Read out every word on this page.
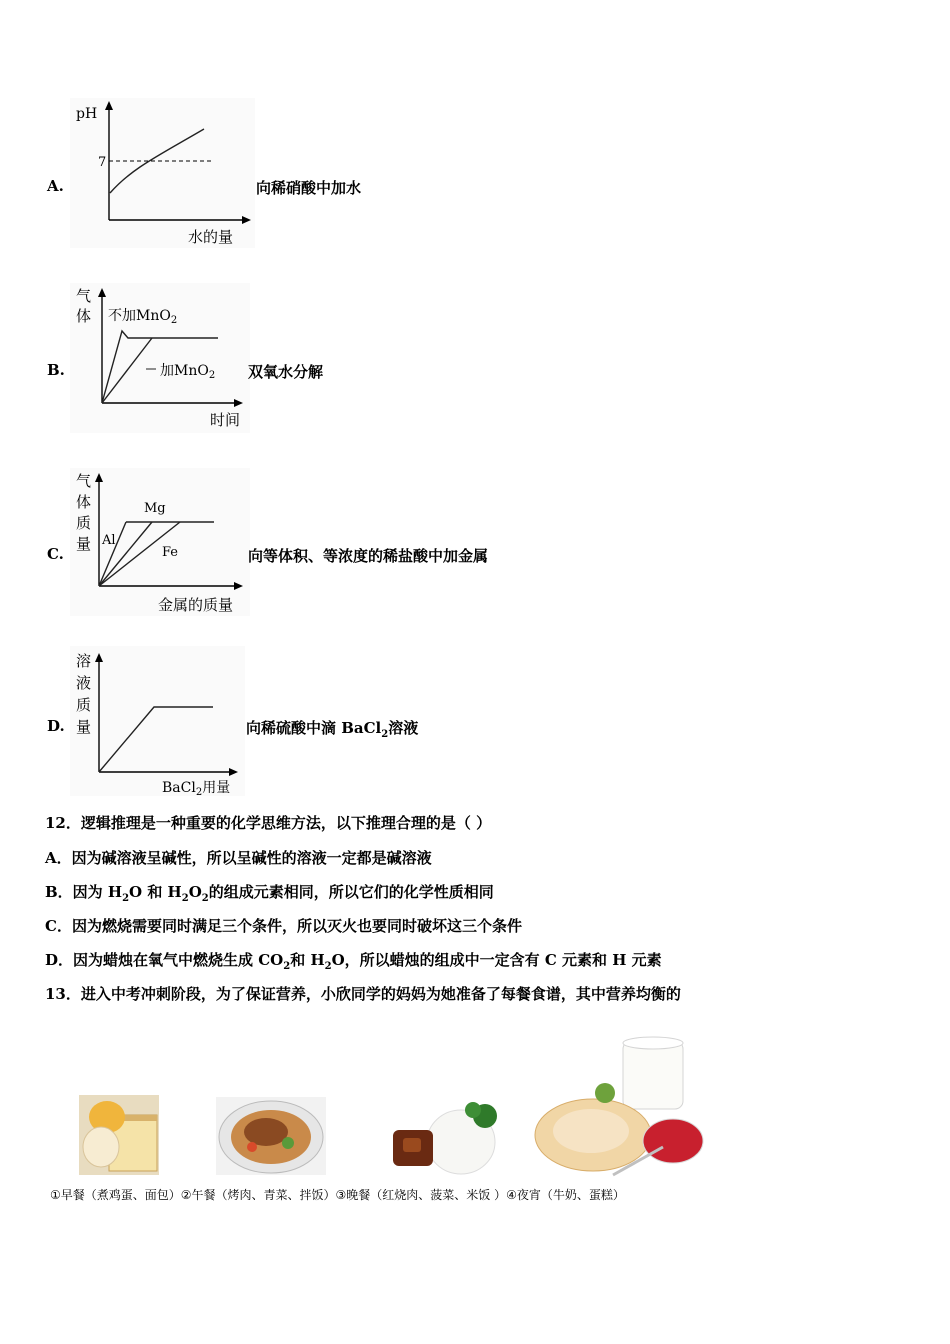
A.
pH
7
水的量
向稀硝酸中加水
B.
气
体 不加MnO$_2$
加MnO$_2$
时间
双氧水分解
C.
气
体
质
量 Al
Mg
Fe
金属的质量
向等体积、等浓度的稀盐酸中加金属
D.
溶
液
质
量
BaCl$_2$用量
向稀硫酸中滴 BaCl$_2$溶液
12．逻辑推理是一种重要的化学思维方法，以下推理合理的是（ ）
A．因为碱溶液呈碱性，所以呈碱性的溶液一定都是碱溶液
B．因为 $H_2O$ 和 $H_2O_2$的组成元素相同，所以它们的化学性质相同
C．因为燃烧需要同时满足三个条件，所以灭火也要同时破坏这三个条件
D．因为蜡烛在氧气中燃烧生成 $CO_2$和 $H_2O$，所以蜡烛的组成中一定含有 C 元素和 H 元素
13．进入中考冲刺阶段，为了保证营养，小欣同学的妈妈为她准备了每餐食谱，其中营养均衡的
①早餐（煮鸡蛋、面包）②午餐（烤肉、青菜、拌饭）③晚餐（红烧肉、菠菜、米饭 ）④夜宵（牛奶、蛋糕）
